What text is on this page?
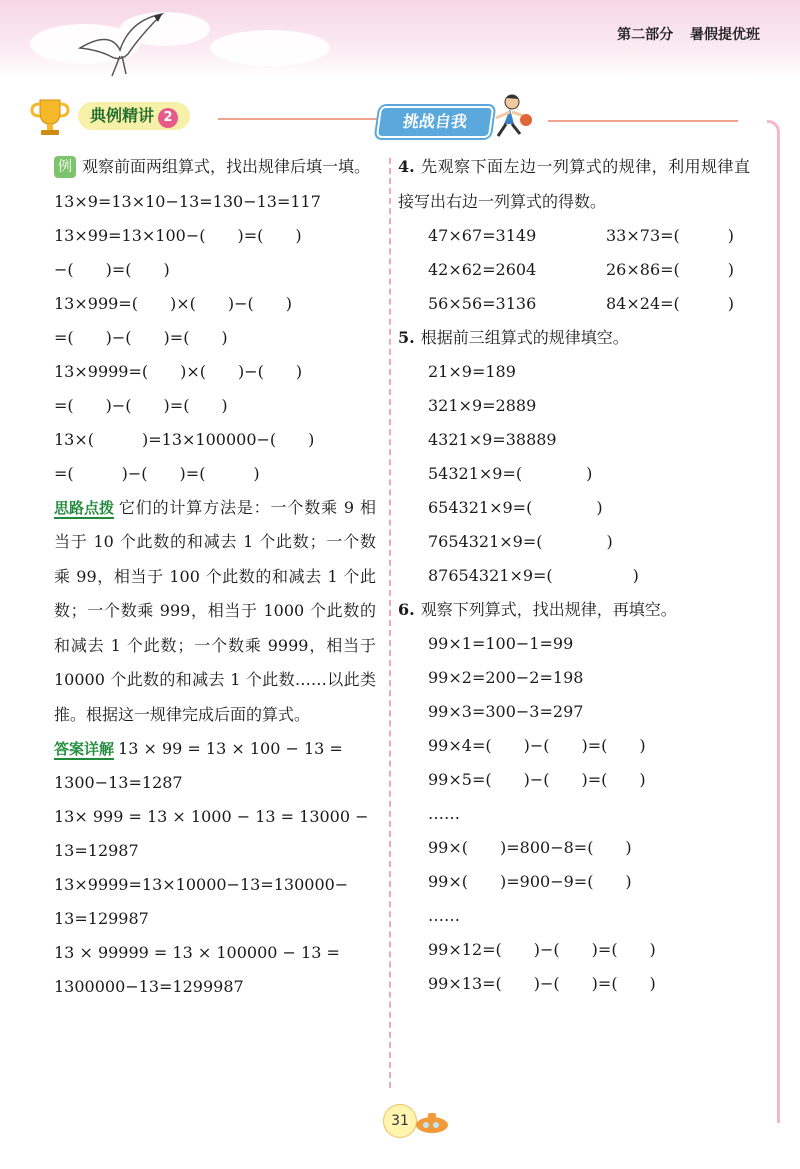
第二部分 暑假提优班
典例精讲 2	挑战自我
例 观察前面两组算式，找出规律后填一填。
13×9=13×10−13=130−13=117
13×99=13×100−(　　)=(　　)
−(　　)=(　　)
13×999=(　　)×(　　)−(　　)
=(　　)−(　　)=(　　)
13×9999=(　　)×(　　)−(　　)
=(　　)−(　　)=(　　)
13×(　　　)=13×100000−(　　)
=(　　　)−(　　)=(　　　)
思路点拨 它们的计算方法是：一个数乘 9 相当于 10 个此数的和减去 1 个此数；一个数乘 99，相当于 100 个此数的和减去 1 个此数；一个数乘 999，相当于 1000 个此数的和减去 1 个此数；一个数乘 9999，相当于 10000 个此数的和减去 1 个此数……以此类推。根据这一规律完成后面的算式。
答案详解 13 × 99 = 13 × 100 − 13 =
1300−13=1287
13× 999 = 13 × 1000 − 13 = 13000 −
13=12987
13×9999=13×10000−13=130000−
13=129987
13 × 99999 = 13 × 100000 − 13 =
1300000−13=1299987
4. 先观察下面左边一列算式的规律，利用规律直接写出右边一列算式的得数。
47×67=3149	33×73=(　　　)
42×62=2604	26×86=(　　　)
56×56=3136	84×24=(　　　)
5. 根据前三组算式的规律填空。
21×9=189
321×9=2889
4321×9=38889
54321×9=(　　　　)
654321×9=(　　　　)
7654321×9=(　　　　)
87654321×9=(　　　　　)
6. 观察下列算式，找出规律，再填空。
99×1=100−1=99
99×2=200−2=198
99×3=300−3=297
99×4=(　　)−(　　)=(　　)
99×5=(　　)−(　　)=(　　)
……
99×(　　)=800−8=(　　)
99×(　　)=900−9=(　　)
……
99×12=(　　)−(　　)=(　　)
99×13=(　　)−(　　)=(　　)
31
